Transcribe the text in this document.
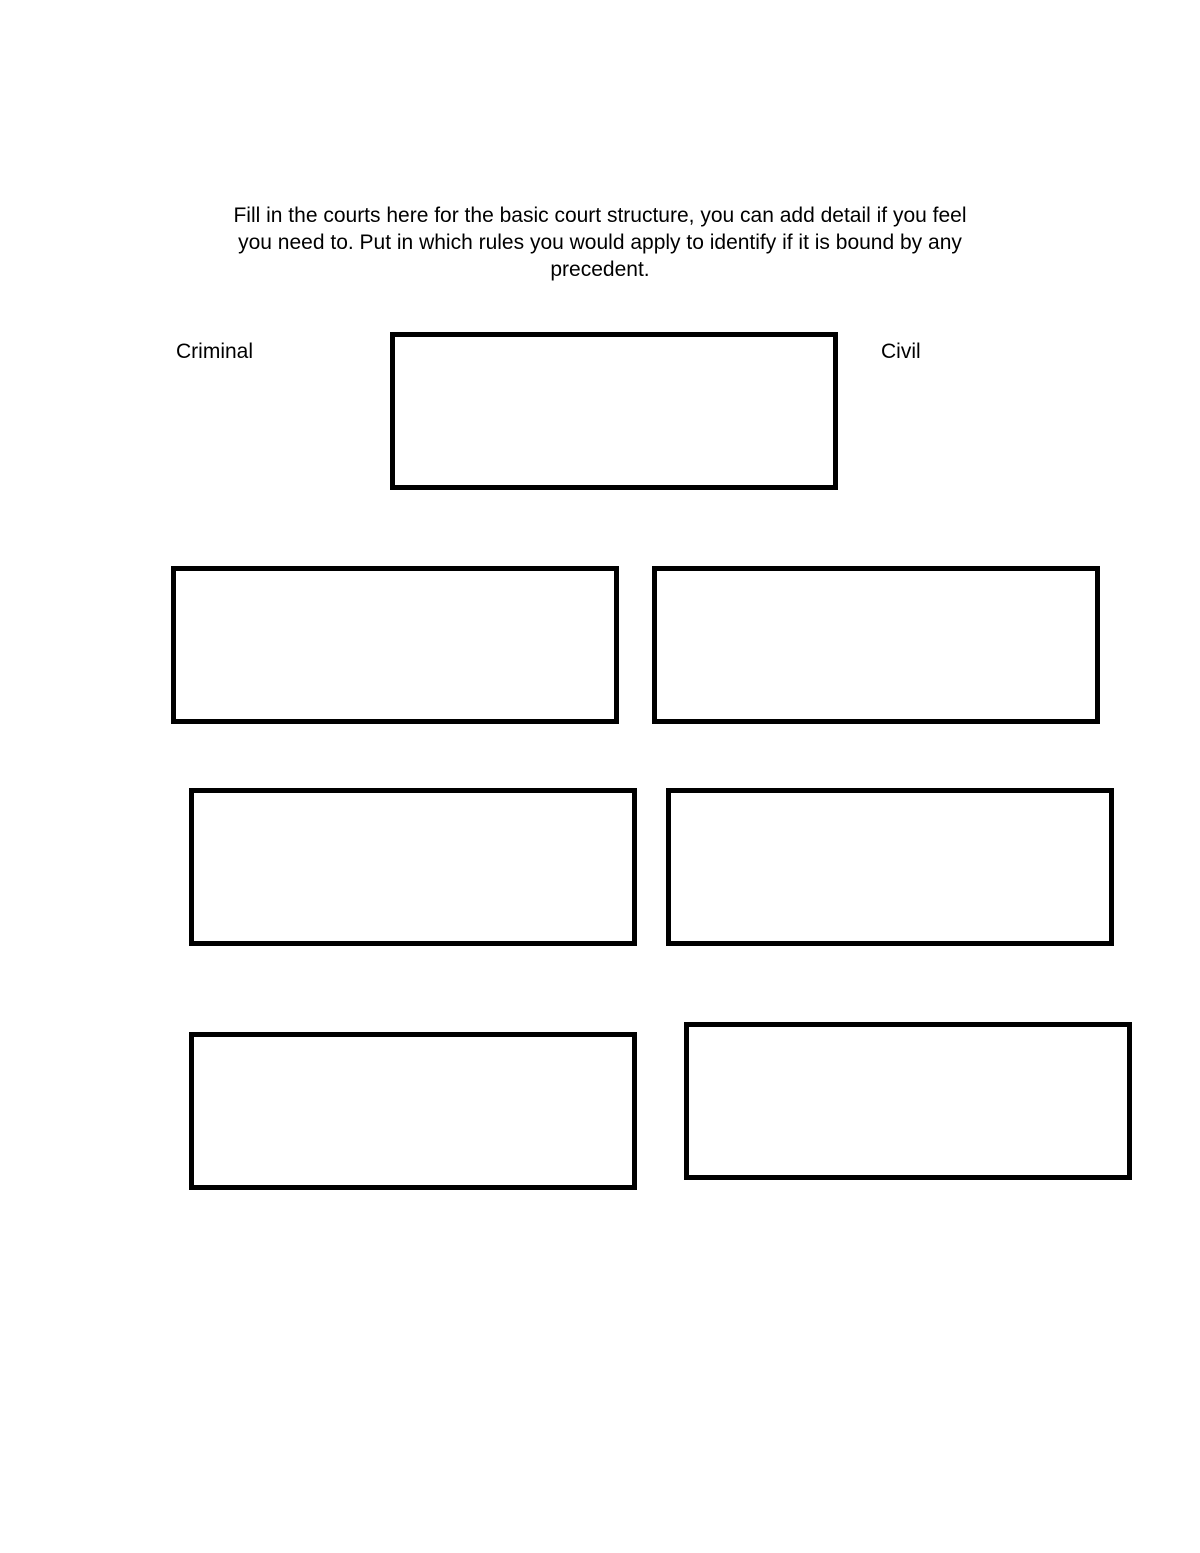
Fill in the courts here for the basic court structure, you can add detail if you feel
you need to. Put in which rules you would apply to identify if it is bound by any
precedent.
Criminal	Civil
